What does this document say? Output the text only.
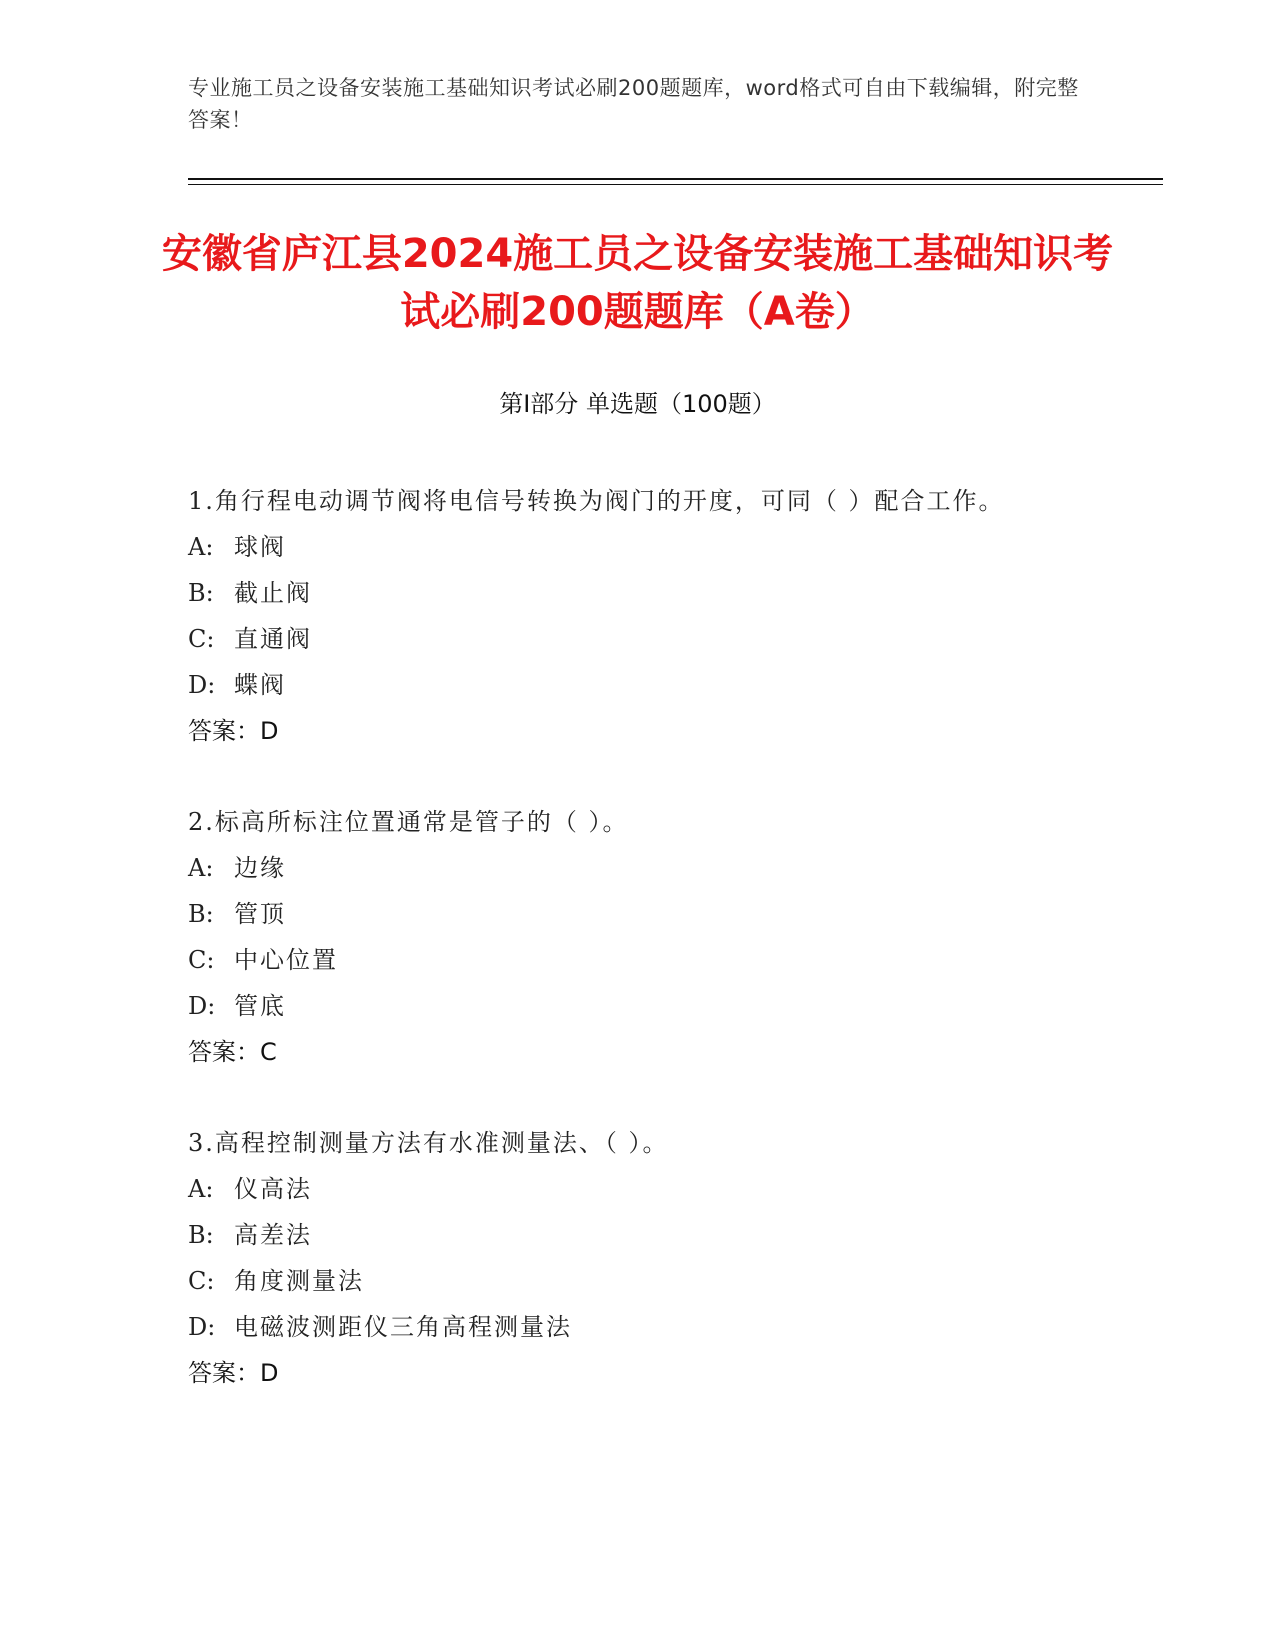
专业施工员之设备安装施工基础知识考试必刷200题题库，word格式可自由下载编辑，附完整答案！
安徽省庐江县2024施工员之设备安装施工基础知识考试必刷200题题库（A卷）
第Ⅰ部分 单选题（100题）
1.角行程电动调节阀将电信号转换为阀门的开度，可同（ ）配合工作。
A: 球阀
B: 截止阀
C: 直通阀
D: 蝶阀
答案：D
2.标高所标注位置通常是管子的（ ）。
A: 边缘
B: 管顶
C: 中心位置
D: 管底
答案：C
3.高程控制测量方法有水准测量法、（ ）。
A: 仪高法
B: 高差法
C: 角度测量法
D: 电磁波测距仪三角高程测量法
答案：D
